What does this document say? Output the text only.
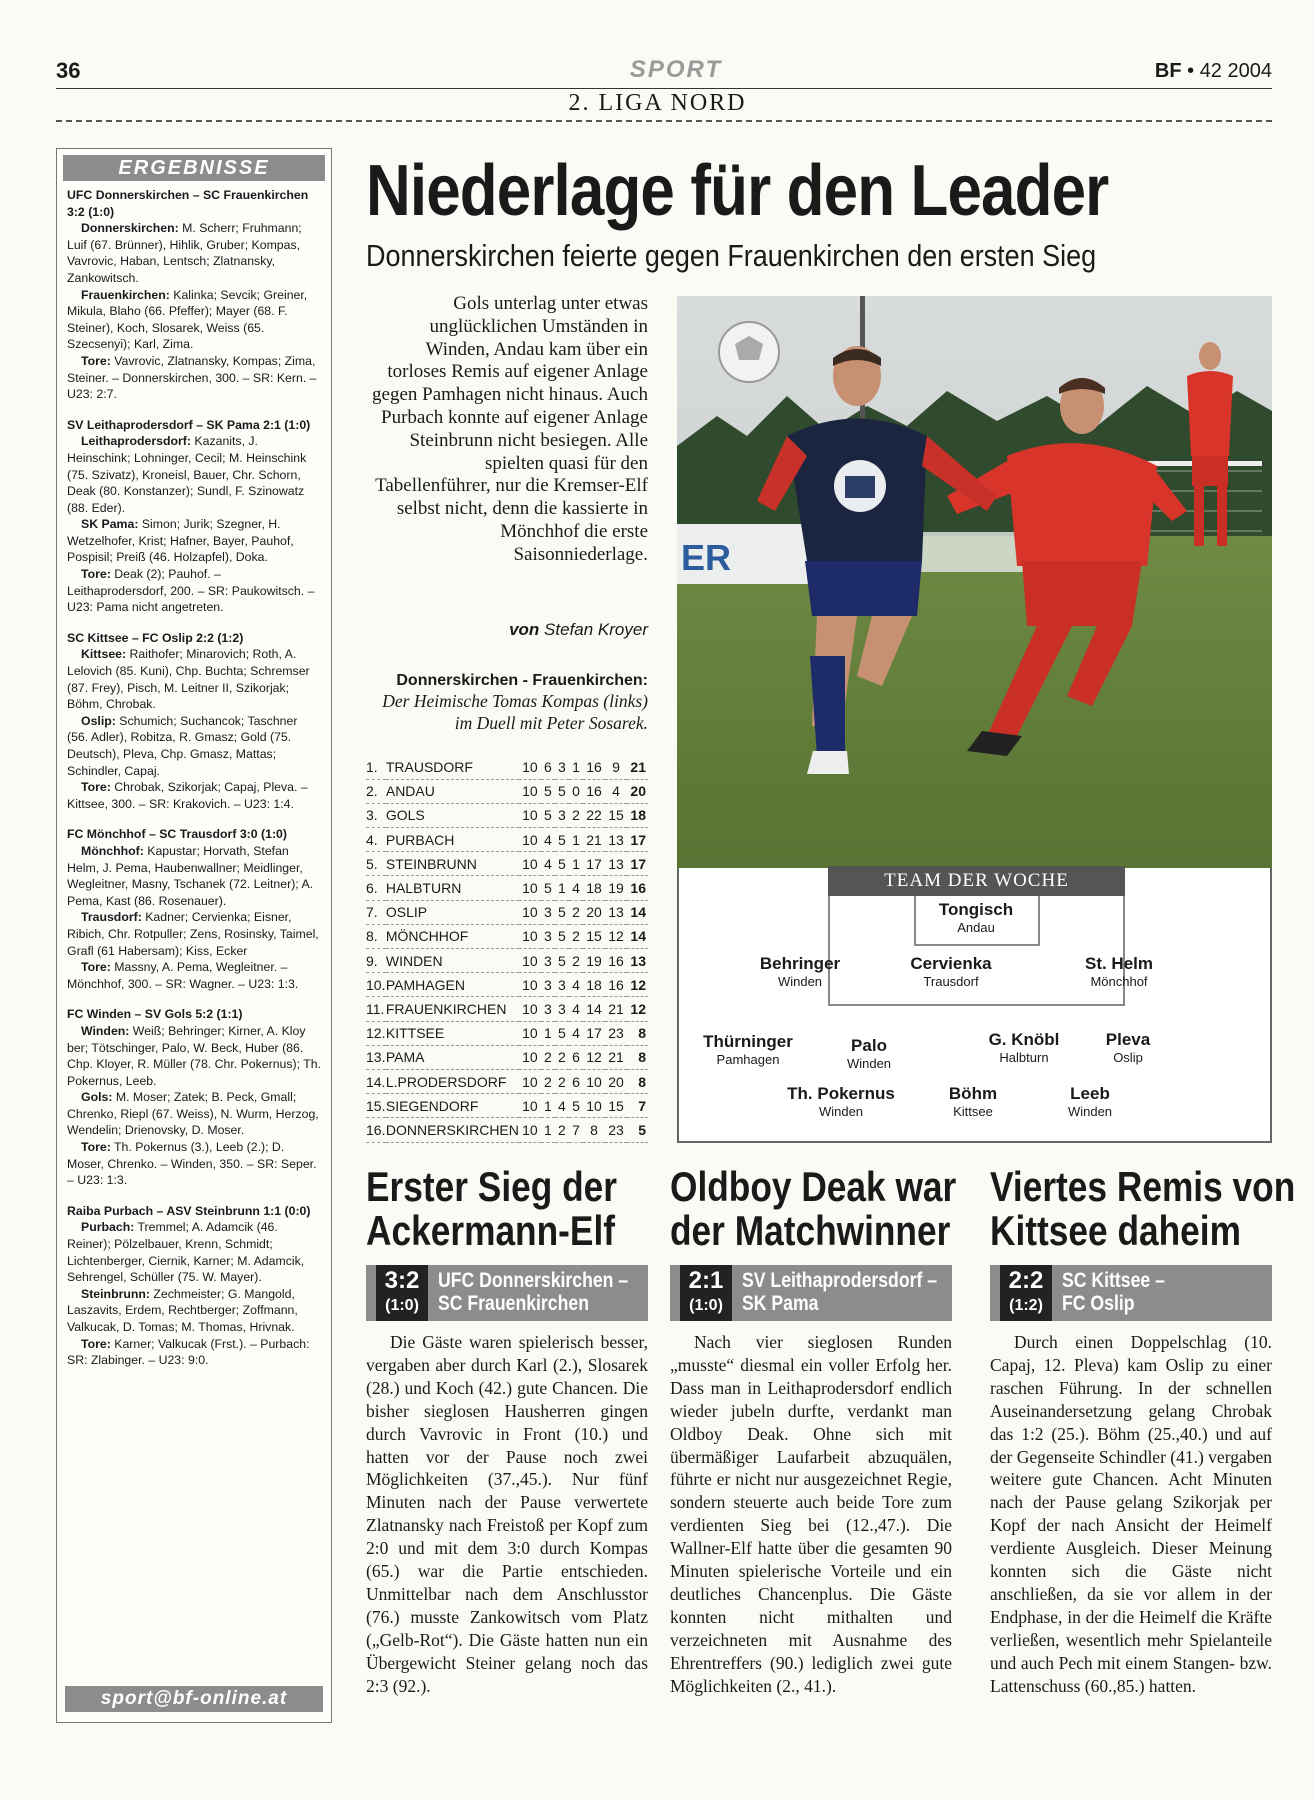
36	SPORT	BF • 42 2004
2. LIGA NORD
ERGEBNISSE
UFC Donnerskirchen – SC Frauenkirchen 3:2 (1:0)

Donnerskirchen: M. Scherr; Fruhmann; Luif (67. Brünner), Hihlik, Gruber; Kompas, Vavrovic, Haban, Lentsch; Zlatnansky, Zankowitsch.

Frauenkirchen: Kalinka; Sevcik; Greiner, Mikula, Blaho (66. Pfeffer); Mayer (68. F. Steiner), Koch, Slosarek, Weiss (65. Szecsenyi); Karl, Zima.

Tore: Vavrovic, Zlatnansky, Kompas; Zima, Steiner. – Donnerskirchen, 300. – SR: Kern. – U23: 2:7.

SV Leithaprodersdorf – SK Pama 2:1 (1:0)

Leithaprodersdorf: Kazanits, J. Heinschink; Lohninger, Cecil; M. Heinschink (75. Szivatz), Kroneisl, Bauer, Chr. Schorn, Deak (80. Konstanzer); Sundl, F. Szinowatz (88. Eder).

SK Pama: Simon; Jurik; Szegner, H. Wetzelhofer, Krist; Hafner, Bayer, Pauhof, Pospisil; Preiß (46. Holzapfel), Doka.

Tore: Deak (2); Pauhof. – Leithaprodersdorf, 200. – SR: Paukowitsch. – U23: Pama nicht angetreten.

SC Kittsee – FC Oslip 2:2 (1:2)

Kittsee: Raithofer; Minarovich; Roth, A. Lelovich (85. Kuni), Chp. Buchta; Schremser (87. Frey), Pisch, M. Leitner II, Szikorjak; Böhm, Chrobak.

Oslip: Schumich; Suchancok; Taschner (56. Adler), Robitza, R. Gmasz; Gold (75. Deutsch), Pleva, Chp. Gmasz, Mattas; Schindler, Capaj.

Tore: Chrobak, Szikorjak; Capaj, Pleva. – Kittsee, 300. – SR: Krakovich. – U23: 1:4.

FC Mönchhof – SC Trausdorf 3:0 (1:0)

Mönchhof: Kapustar; Horvath, Stefan Helm, J. Pema, Haubenwallner; Meidlinger, Wegleitner, Masny, Tschanek (72. Leitner); A. Pema, Kast (86. Rosenauer).

Trausdorf: Kadner; Cervienka; Eisner, Ribich, Chr. Rotpuller; Zens, Rosinsky, Taimel, Grafl (61 Habersam); Kiss, Ecker

Tore: Massny, A. Pema, Wegleitner. – Mönchhof, 300. – SR: Wagner. – U23: 1:3.

FC Winden – SV Gols 5:2 (1:1)

Winden: Weiß; Behringer; Kirner, A. Kloy ber; Tötschinger, Palo, W. Beck, Huber (86. Chp. Kloyer, R. Müller (78. Chr. Pokernus); Th. Pokernus, Leeb.

Gols: M. Moser; Zatek; B. Peck, Gmall; Chrenko, Riepl (67. Weiss), N. Wurm, Herzog, Wendelin; Drienovsky, D. Moser.

Tore: Th. Pokernus (3.), Leeb (2.); D. Moser, Chrenko. – Winden, 350. – SR: Seper. – U23: 1:3.

Raiba Purbach – ASV Steinbrunn 1:1 (0:0)

Purbach: Tremmel; A. Adamcik (46. Reiner); Pölzelbauer, Krenn, Schmidt; Lichtenberger, Ciernik, Karner; M. Adamcik, Sehrengel, Schüller (75. W. Mayer).

Steinbrunn: Zechmeister; G. Mangold, Laszavits, Erdem, Rechtberger; Zoffmann, Valkucak, D. Tomas; M. Thomas, Hrivnak.

Tore: Karner; Valkucak (Frst.). – Purbach: SR: Zlabinger. – U23: 9:0.

sport@bf-online.at
Niederlage für den Leader
Donnerskirchen feierte gegen Frauenkirchen den ersten Sieg
Gols unterlag unter etwas unglücklichen Umständen in Winden, Andau kam über ein torloses Remis auf eigener Anlage gegen Pamhagen nicht hinaus. Auch Purbach konnte auf eigener Anlage Steinbrunn nicht besiegen. Alle spielten quasi für den Tabellenführer, nur die Kremser-Elf selbst nicht, denn die kassierte in Mönchhof die erste Saisonniederlage.
von Stefan Kroyer
Donnerskirchen - Frauenkirchen: Der Heimische Tomas Kompas (links) im Duell mit Peter Sosarek.
1.	TRAUSDORF	10	6	3	1	16	9	21
2.	ANDAU	10	5	5	0	16	4	20
3.	GOLS	10	5	3	2	22	15	18
4.	PURBACH	10	4	5	1	21	13	17
5.	STEINBRUNN	10	4	5	1	17	13	17
6.	HALBTURN	10	5	1	4	18	19	16
7.	OSLIP	10	3	5	2	20	13	14
8.	MÖNCHHOF	10	3	5	2	15	12	14
9.	WINDEN	10	3	5	2	19	16	13
10.	PAMHAGEN	10	3	3	4	18	16	12
11.	FRAUENKIRCHEN	10	3	3	4	14	21	12
12.	KITTSEE	10	1	5	4	17	23	8
13.	PAMA	10	2	2	6	12	21	8
14.	L.PRODERSDORF	10	2	2	6	10	20	8
15.	SIEGENDORF	10	1	4	5	10	15	7
16.	DONNERSKIRCHEN	10	1	2	7	8	23	5
ER
TEAM DER WOCHE
Tongisch
Andau
Behringer
Winden
Cervienka
Trausdorf
St. Helm
Mönchhof
Thürninger
Pamhagen
Palo
Winden
G. Knöbl
Halbturn
Pleva
Oslip
Th. Pokernus
Winden
Böhm
Kittsee
Leeb
Winden
Erster Sieg der
Ackermann-Elf
3:2
(1:0)
UFC Donnerskirchen –
SC Frauenkirchen
Die Gäste waren spielerisch besser, vergaben aber durch Karl (2.), Slosarek (28.) und Koch (42.) gute Chancen. Die bisher sieglosen Hausherren gingen durch Vavrovic in Front (10.) und hatten vor der Pause noch zwei Möglichkeiten (37.,45.). Nur fünf Minuten nach der Pause verwertete Zlatnansky nach Freistoß per Kopf zum 2:0 und mit dem 3:0 durch Kompas (65.) war die Partie entschieden. Unmittelbar nach dem Anschlusstor (76.) musste Zankowitsch vom Platz („Gelb-Rot“). Die Gäste hatten nun ein Übergewicht Steiner gelang noch das 2:3 (92.).
Oldboy Deak war
der Matchwinner
2:1
(1:0)
SV Leithaprodersdorf –
SK Pama
Nach vier sieglosen Runden „musste“ diesmal ein voller Erfolg her. Dass man in Leithaprodersdorf endlich wieder jubeln durfte, verdankt man Oldboy Deak. Ohne sich mit übermäßiger Laufarbeit abzuquälen, führte er nicht nur ausgezeichnet Regie, sondern steuerte auch beide Tore zum verdienten Sieg bei (12.,47.). Die Wallner-Elf hatte über die gesamten 90 Minuten spielerische Vorteile und ein deutliches Chancenplus. Die Gäste konnten nicht mithalten und verzeichneten mit Ausnahme des Ehrentreffers (90.) lediglich zwei gute Möglichkeiten (2., 41.).
Viertes Remis von
Kittsee daheim
2:2
(1:2)
SC Kittsee –
FC Oslip
Durch einen Doppelschlag (10. Capaj, 12. Pleva) kam Oslip zu einer raschen Führung. In der schnellen Auseinandersetzung gelang Chrobak das 1:2 (25.). Böhm (25.,40.) und auf der Gegenseite Schindler (41.) vergaben weitere gute Chancen. Acht Minuten nach der Pause gelang Szikorjak per Kopf der nach Ansicht der Heimelf verdiente Ausgleich. Dieser Meinung konnten sich die Gäste nicht anschließen, da sie vor allem in der Endphase, in der die Heimelf die Kräfte verließen, wesentlich mehr Spielanteile und auch Pech mit einem Stangen- bzw. Lattenschuss (60.,85.) hatten.
